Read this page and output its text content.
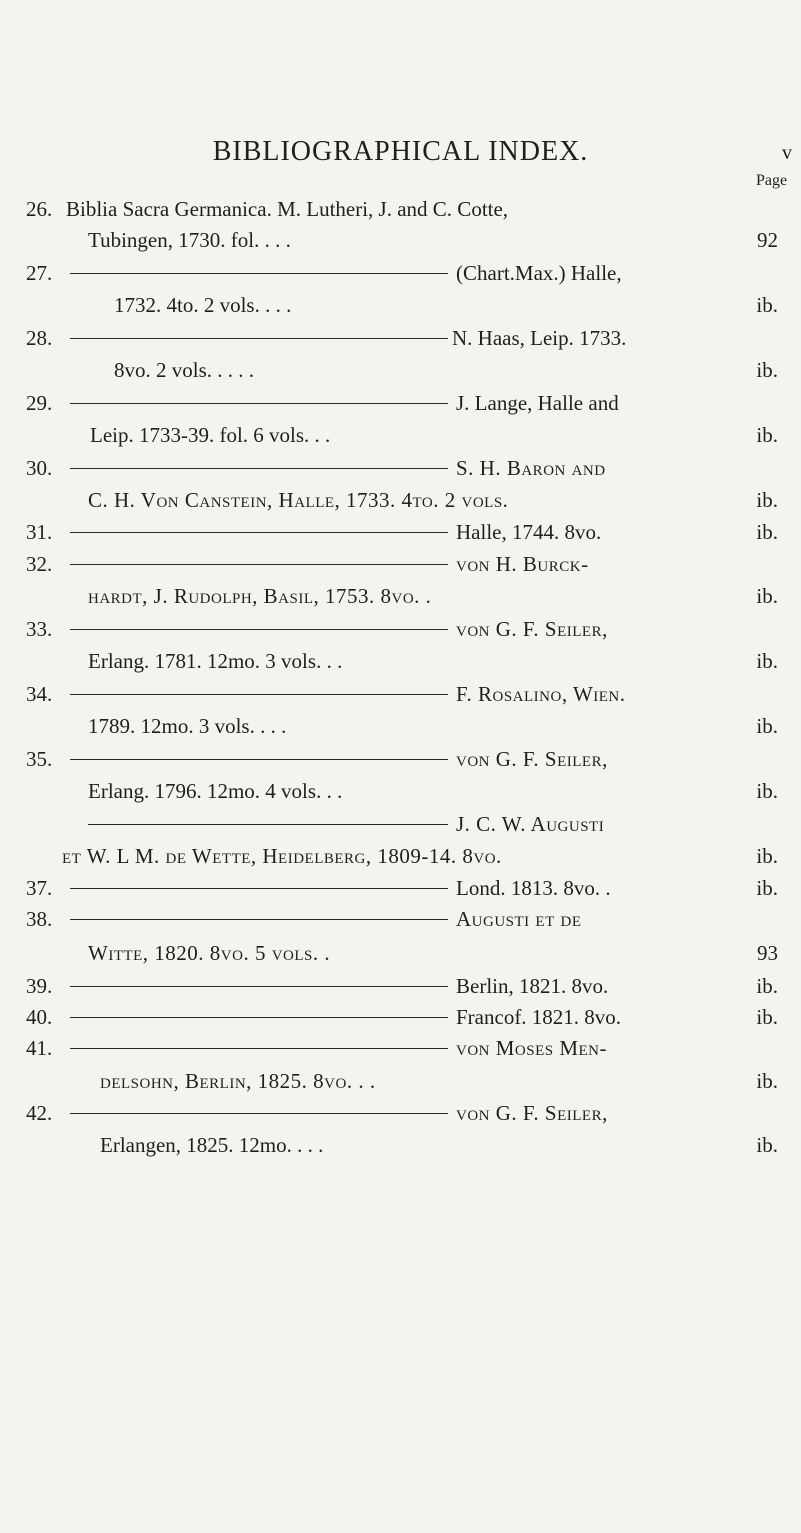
BIBLIOGRAPHICAL INDEX.	v
Page
26. Biblia Sacra Germanica. M. Lutheri, J. and C. Cotte,
Tubingen, 1730. fol. . . .	92
27.	(Chart.Max.) Halle,
1732. 4to. 2 vols. . . .	ib.
28.	N. Haas, Leip. 1733.
8vo. 2 vols. . . . .	ib.
29.	J. Lange, Halle and
Leip. 1733-39. fol. 6 vols. . .	ib.
30.	S. H. Baron and
C. H. Von Canstein, Halle, 1733. 4to. 2 vols.	ib.
31.	Halle, 1744. 8vo.	ib.
32.	von H. Burck-
hardt, J. Rudolph, Basil, 1753. 8vo. .	ib.
33.	von G. F. Seiler,
Erlang. 1781. 12mo. 3 vols. . .	ib.
34.	F. Rosalino, Wien.
1789. 12mo. 3 vols. . . .	ib.
35.	von G. F. Seiler,
Erlang. 1796. 12mo. 4 vols. . .	ib.
J. C. W. Augusti
et W. L M. de Wette, Heidelberg, 1809-14. 8vo.	ib.
37.	Lond. 1813. 8vo. .	ib.
38.	Augusti et de
Witte, 1820. 8vo. 5 vols. .	93
39.	Berlin, 1821. 8vo.	ib.
40.	Francof. 1821. 8vo.	ib.
41.	von Moses Men-
delsohn, Berlin, 1825. 8vo. . .	ib.
42.	von G. F. Seiler,
Erlangen, 1825. 12mo. . . .	ib.
